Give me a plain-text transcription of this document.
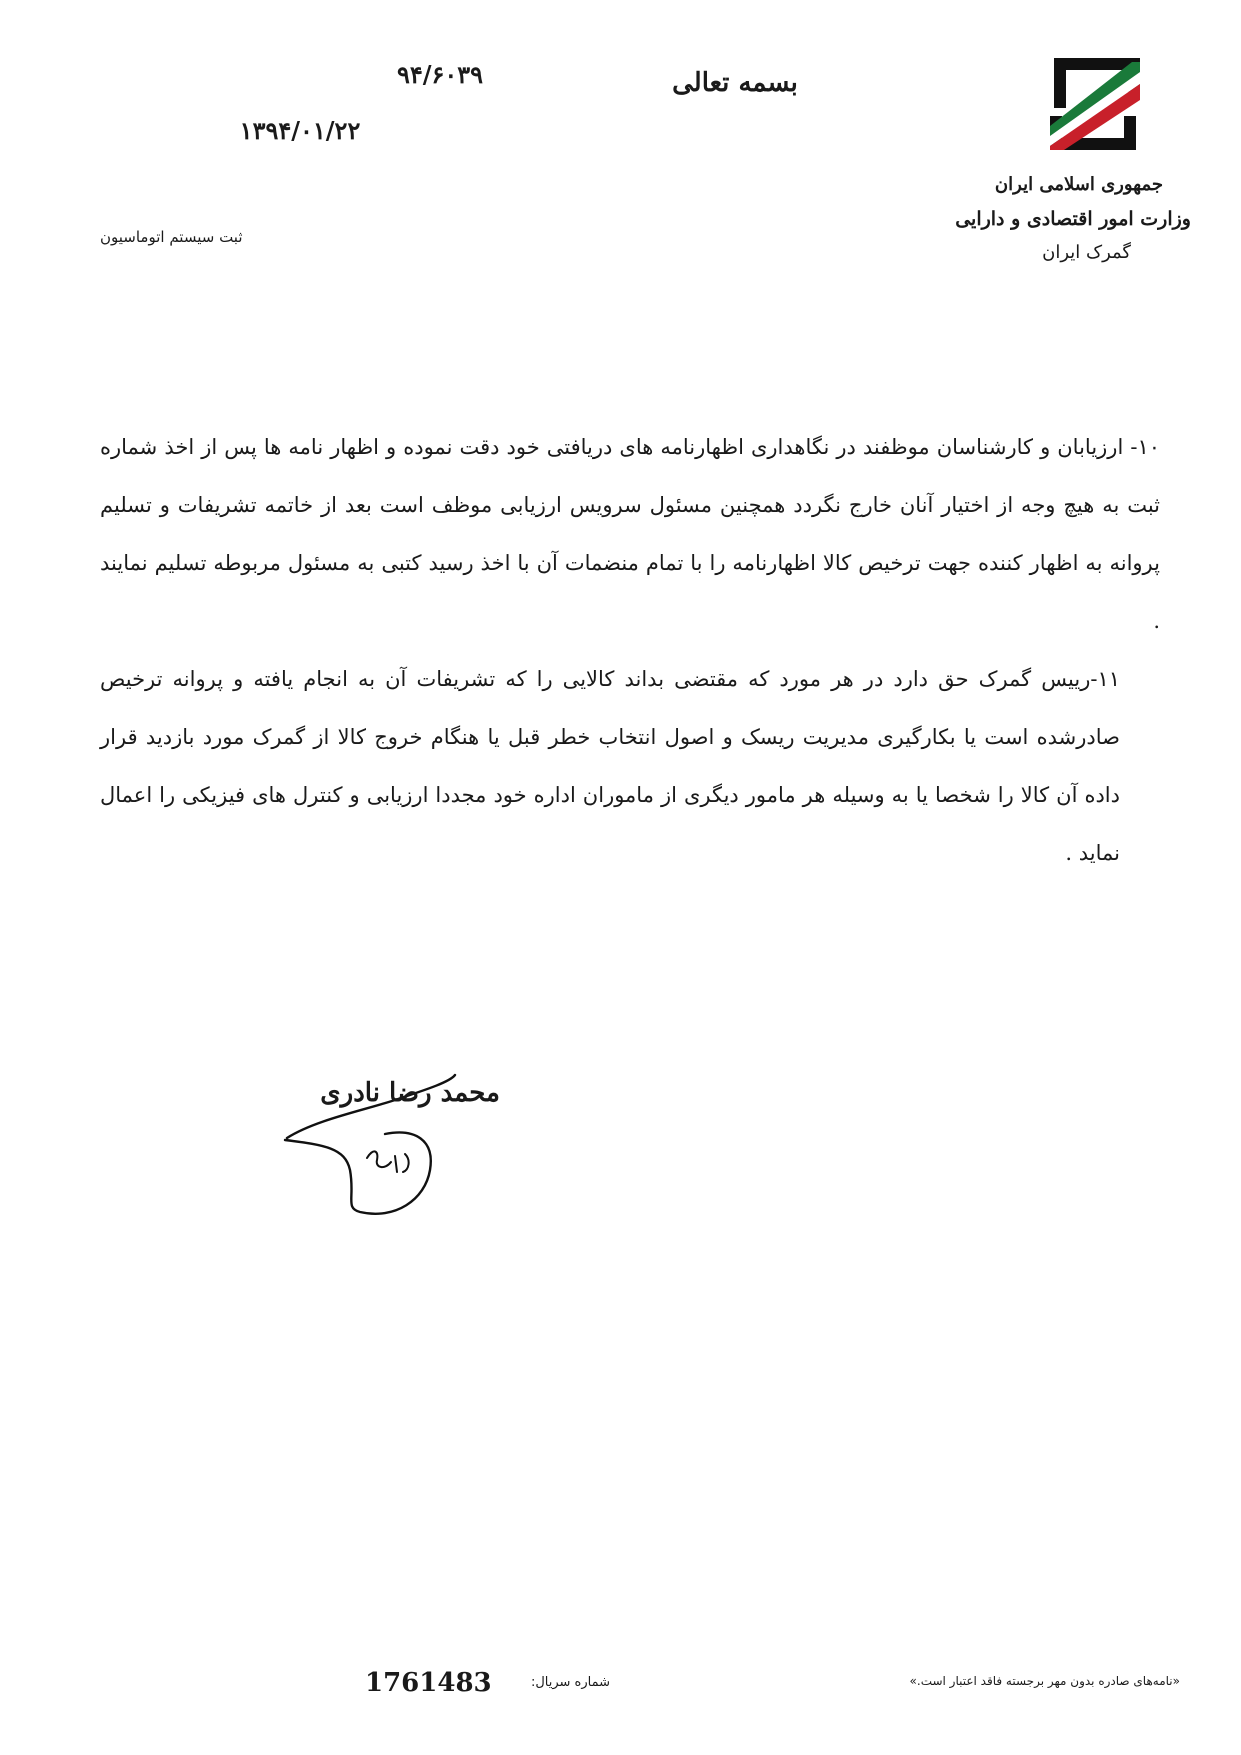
جمهوری اسلامی ایران
وزارت امور اقتصادی و دارایی
گمرک ایران
بسمه تعالی
۹۴/۶۰۳۹
۱۳۹۴/۰۱/۲۲
ثبت سیستم اتوماسیون

۱۰- ارزیابان و کارشناسان موظفند در نگاهداری اظهارنامه های دریافتی خود دقت نموده و اظهار نامه ها پس از اخذ شماره ثبت به هیچ وجه از اختیار آنان خارج نگردد همچنین مسئول سرویس ارزیابی موظف است بعد از خاتمه تشریفات و تسلیم پروانه به اظهار کننده جهت ترخیص کالا اظهارنامه را با تمام منضمات آن با اخذ رسید کتبی به مسئول مربوطه تسلیم نمایند .

۱۱-رییس گمرک حق دارد در هر مورد که مقتضی بداند کالایی را که تشریفات آن به انجام یافته و پروانه ترخیص صادرشده است یا بکارگیری مدیریت ریسک و اصول انتخاب خطر قبل یا هنگام خروج کالا از گمرک مورد بازدید قرار داده آن کالا را شخصا یا به وسیله هر مامور دیگری از ماموران اداره خود مجددا ارزیابی و کنترل های فیزیکی را اعمال نماید .

محمد رضا نادری
1761483	شماره سریال:	«نامه‌های صادره بدون مهر برجسته فاقد اعتبار است.»
